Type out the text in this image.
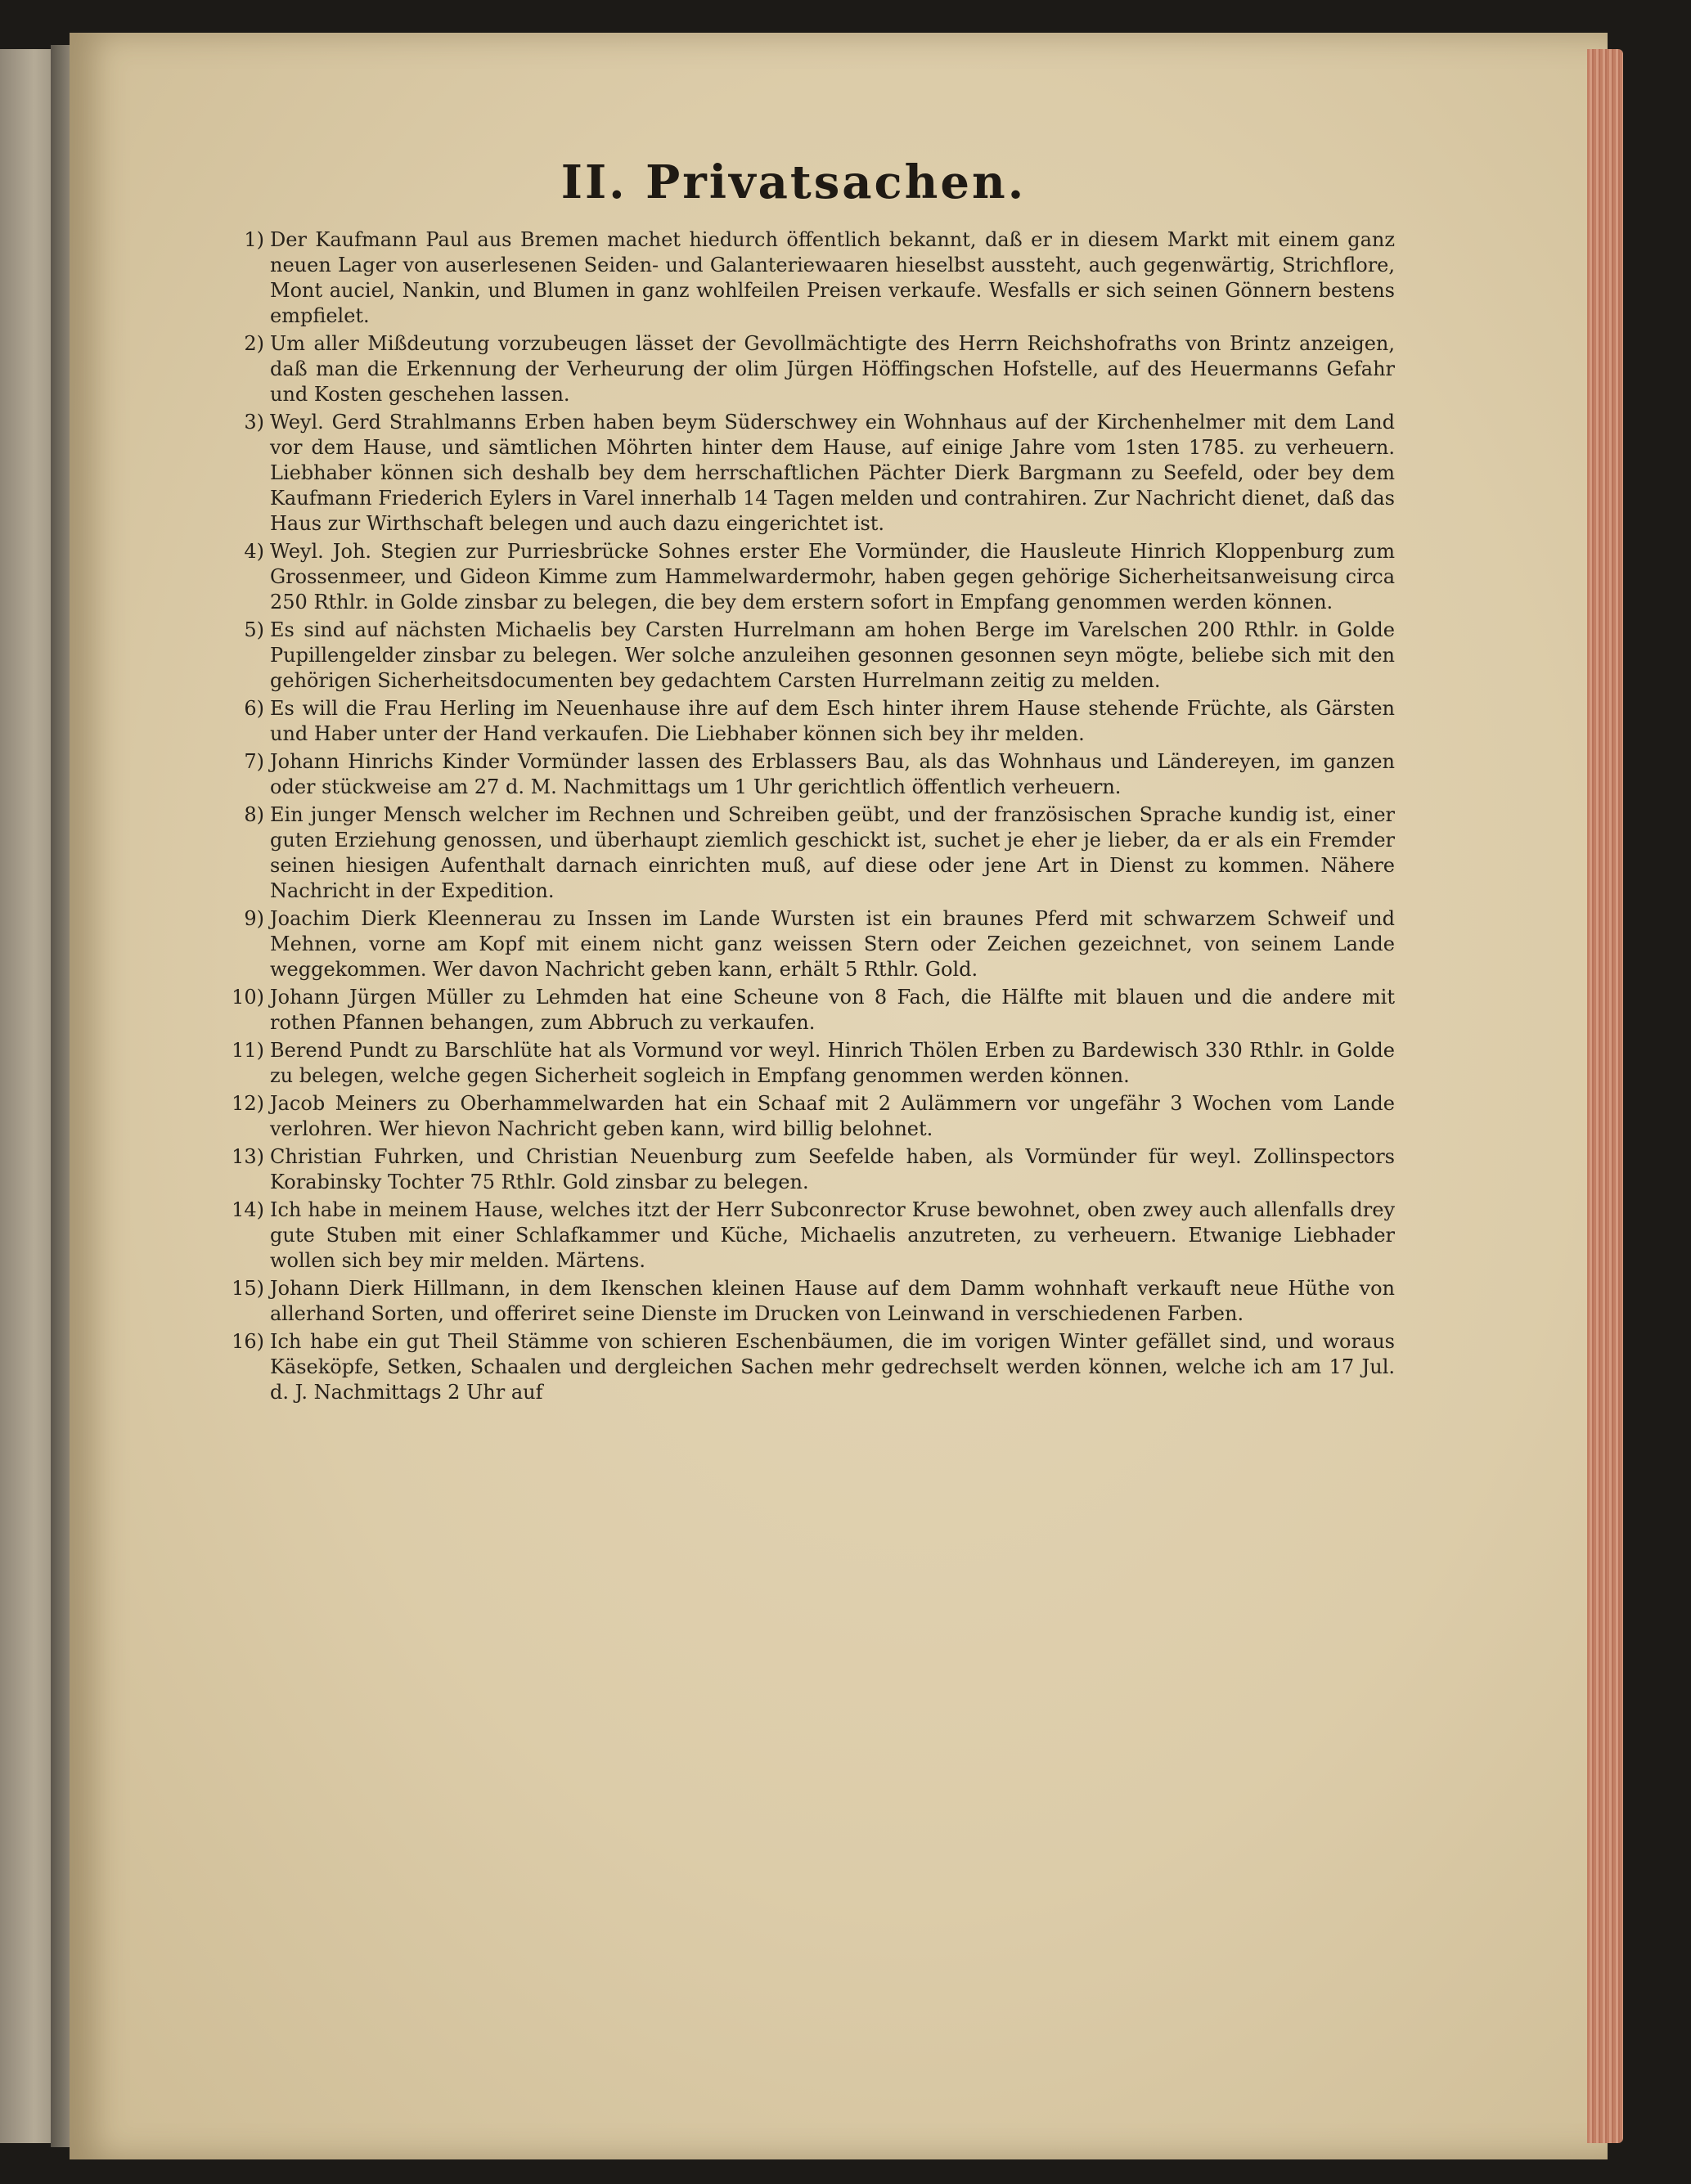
II. Privatsachen.
1) Der Kaufmann Paul aus Bremen machet hiedurch öffentlich bekannt, daß er in diesem Markt mit einem ganz neuen Lager von auserlesenen Seiden- und Galanteriewaaren hieselbst aussteht, auch gegenwärtig, Strichflore, Mont auciel, Nankin, und Blumen in ganz wohlfeilen Preisen verkaufe. Wesfalls er sich seinen Gönnern bestens empfielet.
2) Um aller Mißdeutung vorzubeugen lässet der Gevollmächtigte des Herrn Reichshofraths von Brintz anzeigen, daß man die Erkennung der Verheurung der olim Jürgen Höffingschen Hofstelle, auf des Heuermanns Gefahr und Kosten geschehen lassen.
3) Weyl. Gerd Strahlmanns Erben haben beym Süderschwey ein Wohnhaus auf der Kirchenhelmer mit dem Land vor dem Hause, und sämtlichen Möhrten hinter dem Hause, auf einige Jahre vom 1sten 1785. zu verheuern. Liebhaber können sich deshalb bey dem herrschaftlichen Pächter Dierk Bargmann zu Seefeld, oder bey dem Kaufmann Friederich Eylers in Varel innerhalb 14 Tagen melden und contrahiren. Zur Nachricht dienet, daß das Haus zur Wirthschaft belegen und auch dazu eingerichtet ist.
4) Weyl. Joh. Stegien zur Purriesbrücke Sohnes erster Ehe Vormünder, die Hausleute Hinrich Kloppenburg zum Grossenmeer, und Gideon Kimme zum Hammelwardermohr, haben gegen gehörige Sicherheitsanweisung circa 250 Rthlr. in Golde zinsbar zu belegen, die bey dem erstern sofort in Empfang genommen werden können.
5) Es sind auf nächsten Michaelis bey Carsten Hurrelmann am hohen Berge im Varelschen 200 Rthlr. in Golde Pupillengelder zinsbar zu belegen. Wer solche anzuleihen gesonnen gesonnen seyn mögte, beliebe sich mit den gehörigen Sicherheitsdocumenten bey gedachtem Carsten Hurrelmann zeitig zu melden.
6) Es will die Frau Herling im Neuenhause ihre auf dem Esch hinter ihrem Hause stehende Früchte, als Gärsten und Haber unter der Hand verkaufen. Die Liebhaber können sich bey ihr melden.
7) Johann Hinrichs Kinder Vormünder lassen des Erblassers Bau, als das Wohnhaus und Ländereyen, im ganzen oder stückweise am 27 d. M. Nachmittags um 1 Uhr gerichtlich öffentlich verheuern.
8) Ein junger Mensch welcher im Rechnen und Schreiben geübt, und der französischen Sprache kundig ist, einer guten Erziehung genossen, und überhaupt ziemlich geschickt ist, suchet je eher je lieber, da er als ein Fremder seinen hiesigen Aufenthalt darnach einrichten muß, auf diese oder jene Art in Dienst zu kommen. Nähere Nachricht in der Expedition.
9) Joachim Dierk Kleennerau zu Inssen im Lande Wursten ist ein braunes Pferd mit schwarzem Schweif und Mehnen, vorne am Kopf mit einem nicht ganz weissen Stern oder Zeichen gezeichnet, von seinem Lande weggekommen. Wer davon Nachricht geben kann, erhält 5 Rthlr. Gold.
10) Johann Jürgen Müller zu Lehmden hat eine Scheune von 8 Fach, die Hälfte mit blauen und die andere mit rothen Pfannen behangen, zum Abbruch zu verkaufen.
11) Berend Pundt zu Barschlüte hat als Vormund vor weyl. Hinrich Thölen Erben zu Bardewisch 330 Rthlr. in Golde zu belegen, welche gegen Sicherheit sogleich in Empfang genommen werden können.
12) Jacob Meiners zu Oberhammelwarden hat ein Schaaf mit 2 Aulämmern vor ungefähr 3 Wochen vom Lande verlohren. Wer hievon Nachricht geben kann, wird billig belohnet.
13) Christian Fuhrken, und Christian Neuenburg zum Seefelde haben, als Vormünder für weyl. Zollinspectors Korabinsky Tochter 75 Rthlr. Gold zinsbar zu belegen.
14) Ich habe in meinem Hause, welches itzt der Herr Subconrector Kruse bewohnet, oben zwey auch allenfalls drey gute Stuben mit einer Schlafkammer und Küche, Michaelis anzutreten, zu verheuern. Etwanige Liebhader wollen sich bey mir melden. Märtens.
15) Johann Dierk Hillmann, in dem Ikenschen kleinen Hause auf dem Damm wohnhaft verkauft neue Hüthe von allerhand Sorten, und offeriret seine Dienste im Drucken von Leinwand in verschiedenen Farben.
16) Ich habe ein gut Theil Stämme von schieren Eschenbäumen, die im vorigen Winter gefället sind, und woraus Käseköpfe, Setken, Schaalen und dergleichen Sachen mehr gedrechselt werden können, welche ich am 17 Jul. d. J. Nachmittags 2 Uhr auf
